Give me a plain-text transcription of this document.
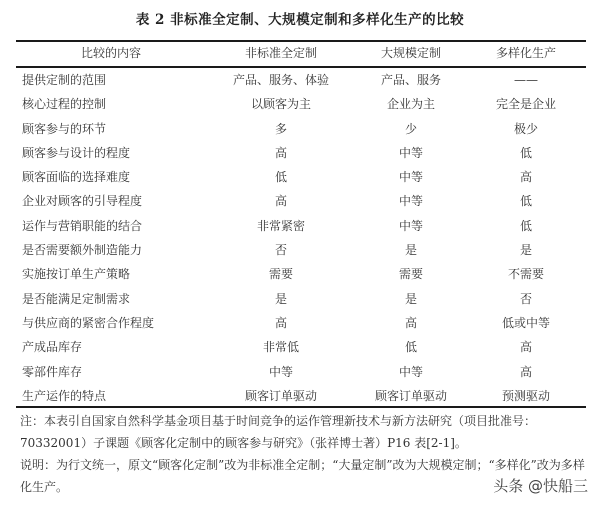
表 2 非标准全定制、大规模定制和多样化生产的比较
比较的内容	非标准全定制	大规模定制	多样化生产
提供定制的范围	产品、服务、体验	产品、服务	——
核心过程的控制	以顾客为主	企业为主	完全是企业
顾客参与的环节	多	少	极少
顾客参与设计的程度	高	中等	低
顾客面临的选择难度	低	中等	高
企业对顾客的引导程度	高	中等	低
运作与营销职能的结合	非常紧密	中等	低
是否需要额外制造能力	否	是	是
实施按订单生产策略	需要	需要	不需要
是否能满足定制需求	是	是	否
与供应商的紧密合作程度	高	高	低或中等
产成品库存	非常低	低	高
零部件库存	中等	中等	高
生产运作的特点	顾客订单驱动	顾客订单驱动	预测驱动

注：本表引自国家自然科学基金项目基于时间竞争的运作管理新技术与新方法研究（项目批准号：70332001）子课题《顾客化定制中的顾客参与研究》（张祥博士著）P16 表[2-1]。

说明：为行文统一，原文“顾客化定制”改为非标准全定制；“大量定制”改为大规模定制；“多样化”改为多样化生产。	头条 @快船三
